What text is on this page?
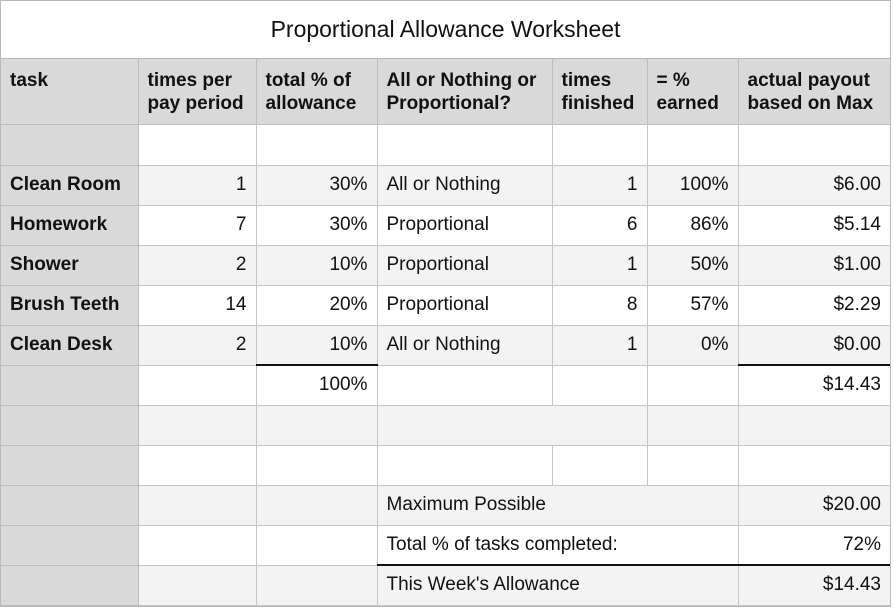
Proportional Allowance Worksheet
task	times per pay period	total % of allowance	All or Nothing or Proportional?	times finished	= % earned	actual payout based on Max

Clean Room	1	30%	All or Nothing	1	100%	$6.00
Homework	7	30%	Proportional	6	86%	$5.14
Shower	2	10%	Proportional	1	50%	$1.00
Brush Teeth	14	20%	Proportional	8	57%	$2.29
Clean Desk	2	10%	All or Nothing	1	0%	$0.00
		100%				$14.43

			Maximum Possible			$20.00
			Total % of tasks completed:			72%
			This Week's Allowance			$14.43
